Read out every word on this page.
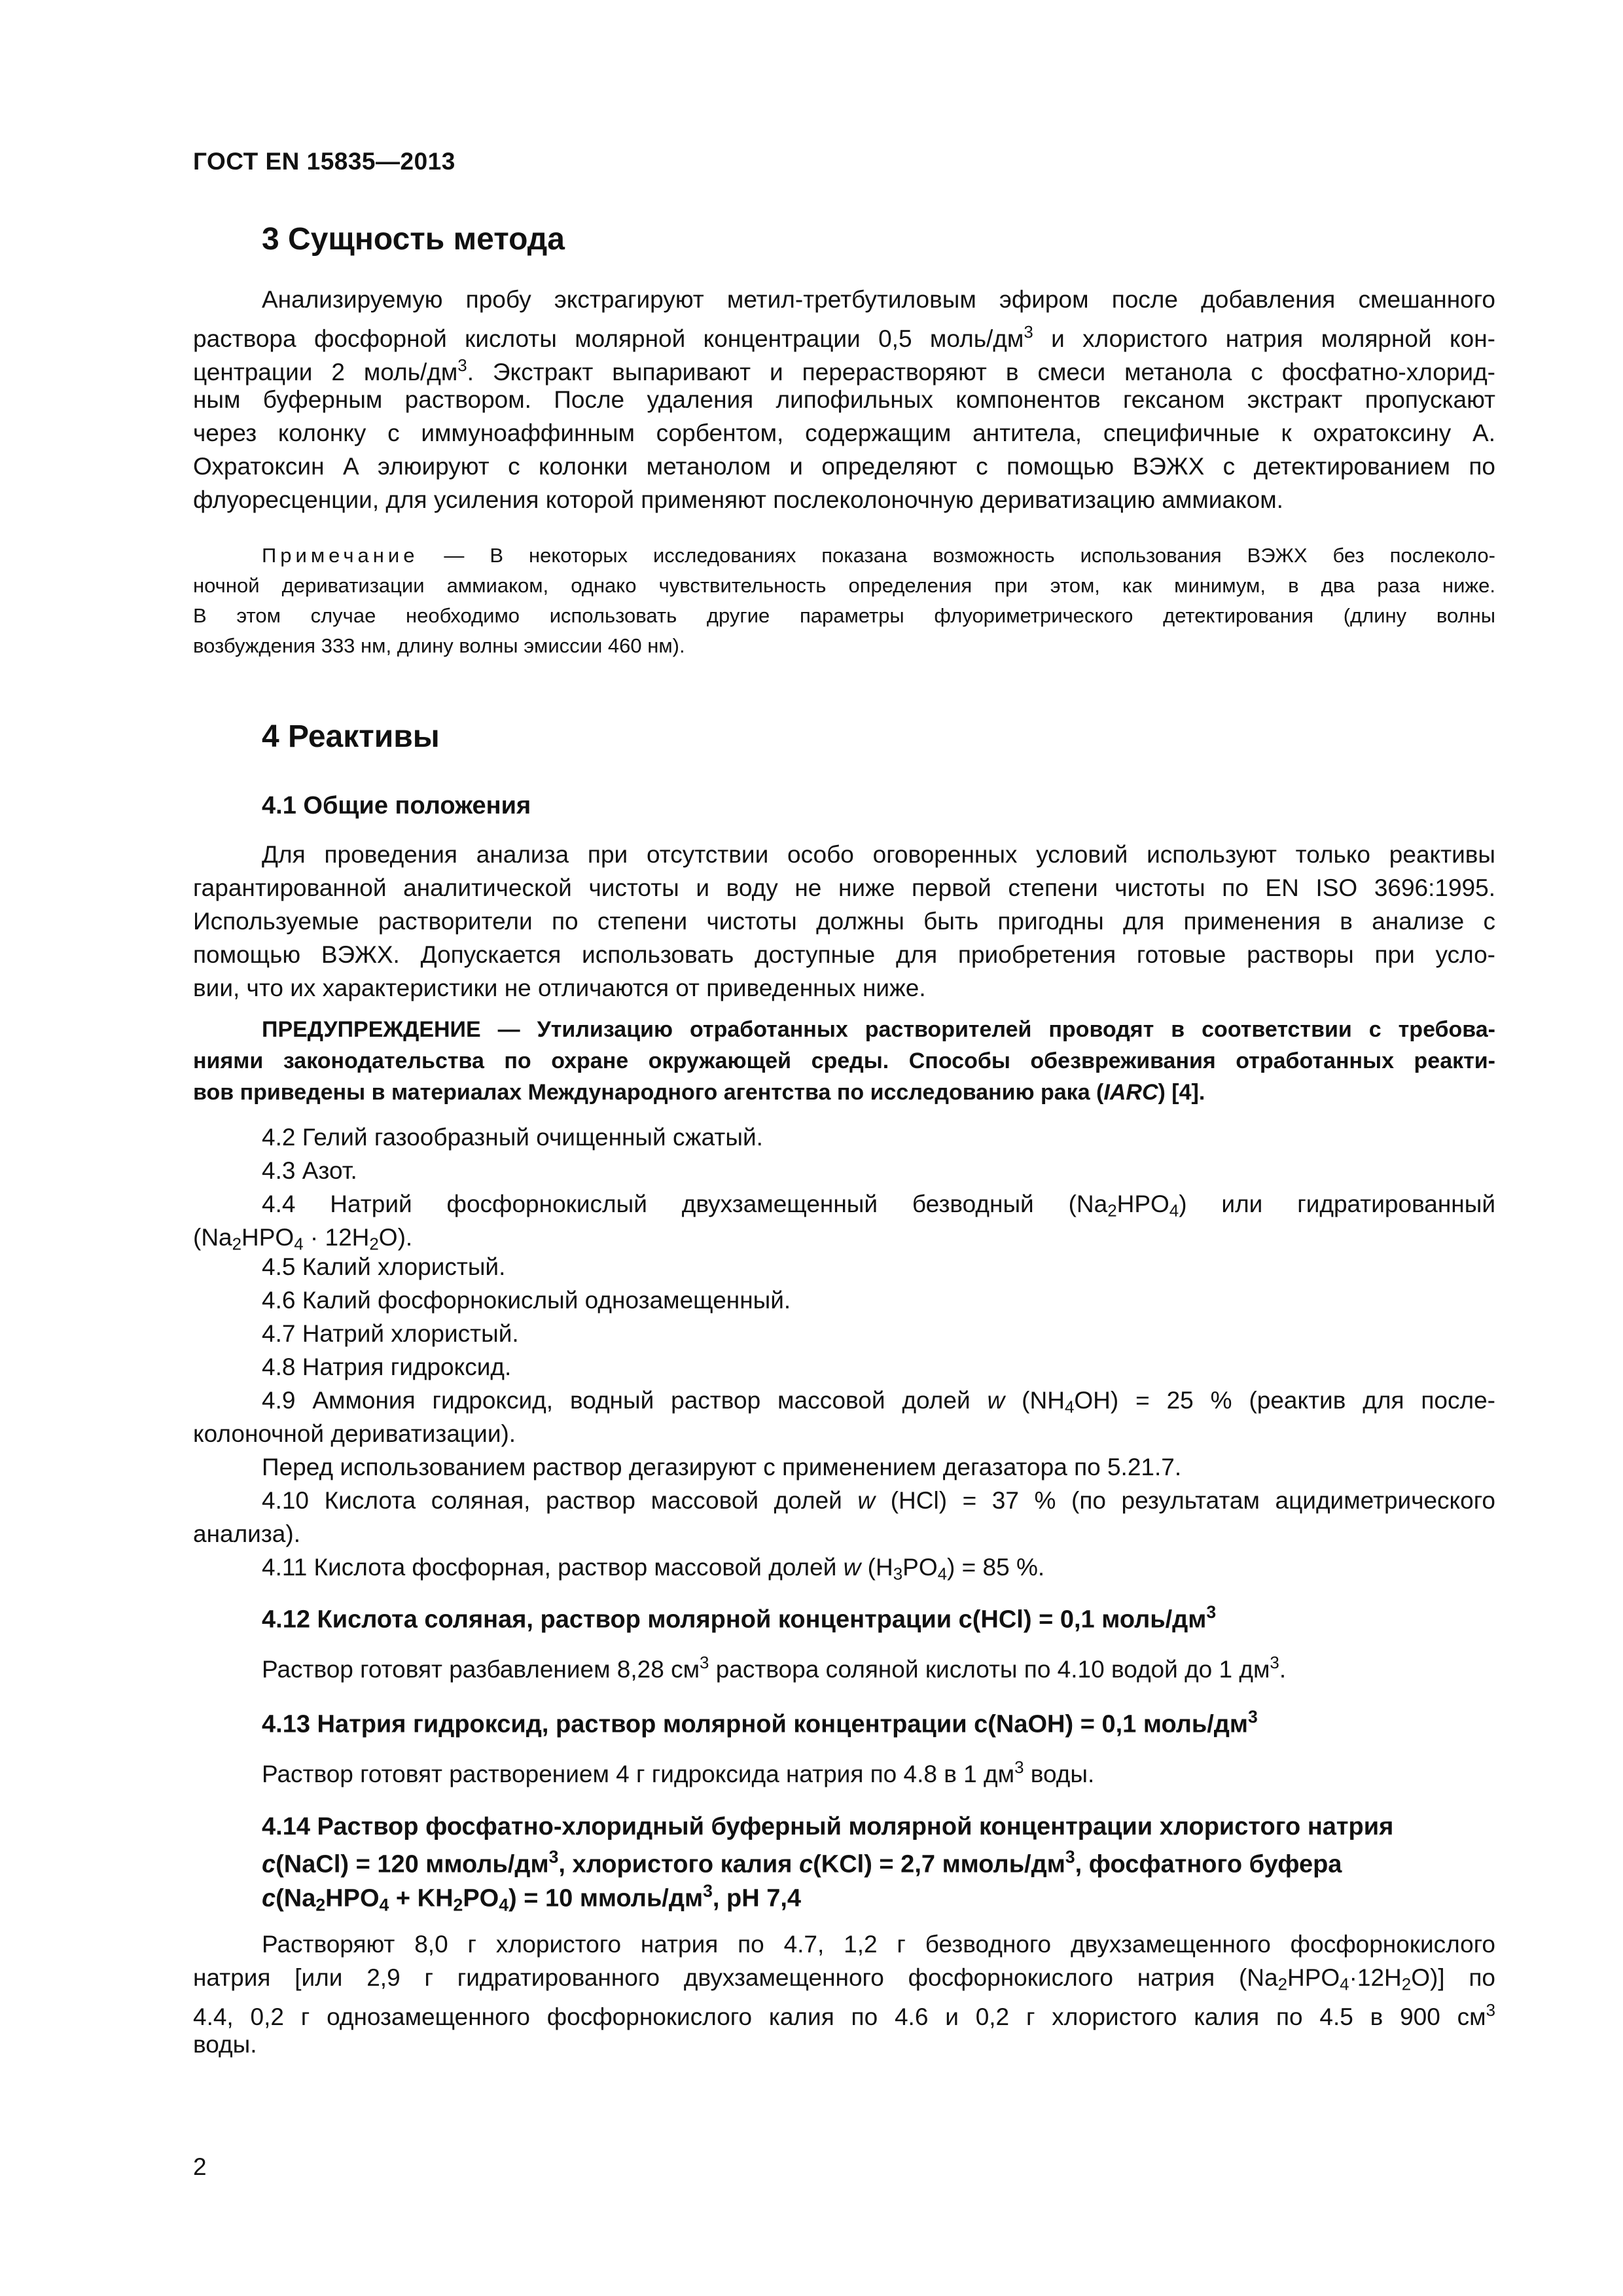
ГОСТ EN 15835—2013
3 Сущность метода
Анализируемую пробу экстрагируют метил-третбутиловым эфиром после добавления смешанного
раствора фосфорной кислоты молярной концентрации 0,5 моль/$дм^3$ и хлористого натрия молярной кон-
центрации 2 моль/$дм^3$. Экстракт выпаривают и перерастворяют в смеси метанола с фосфатно-хлорид-
ным буферным раствором. После удаления липофильных компонентов гексаном экстракт пропускают
через колонку с иммуноаффинным сорбентом, содержащим антитела, специфичные к охратоксину А.
Охратоксин А элюируют с колонки метанолом и определяют с помощью ВЭЖХ с детектированием по
флуоресценции, для усиления которой применяют послеколоночную дериватизацию аммиаком.
Примечание — В некоторых исследованиях показана возможность использования ВЭЖХ без послеколо-
ночной дериватизации аммиаком, однако чувствительность определения при этом, как минимум, в два раза ниже.
В этом случае необходимо использовать другие параметры флуориметрического детектирования (длину волны
возбуждения 333 нм, длину волны эмиссии 460 нм).
4 Реактивы
4.1 Общие положения
Для проведения анализа при отсутствии особо оговоренных условий используют только реактивы
гарантированной аналитической чистоты и воду не ниже первой степени чистоты по EN ISO 3696:1995.
Используемые растворители по степени чистоты должны быть пригодны для применения в анализе с
помощью ВЭЖХ. Допускается использовать доступные для приобретения готовые растворы при усло-
вии, что их характеристики не отличаются от приведенных ниже.
ПРЕДУПРЕЖДЕНИЕ — Утилизацию отработанных растворителей проводят в соответствии с требова-
ниями законодательства по охране окружающей среды. Способы обезвреживания отработанных реакти-
вов приведены в материалах Международного агентства по исследованию рака (IARC) [4].
4.2 Гелий газообразный очищенный сжатый.
4.3 Азот.
4.4 Натрий фосфорнокислый двухзамещенный безводный $(Na_2HPO_4)$ или гидратированный
$(Na_2HPO_4 \cdot 12H_2O)$.
4.5 Калий хлористый.
4.6 Калий фосфорнокислый однозамещенный.
4.7 Натрий хлористый.
4.8 Натрия гидроксид.
4.9 Аммония гидроксид, водный раствор массовой долей w $(NH_4OH) = 25$ % (реактив для после-
колоночной дериватизации).
Перед использованием раствор дегазируют с применением дегазатора по 5.21.7.
4.10 Кислота соляная, раствор массовой долей w (HCl) = 37 % (по результатам ацидиметрического
анализа).
4.11 Кислота фосфорная, раствор массовой долей w $(H_3PO_4) = 85$ %.
4.12 Кислота соляная, раствор молярной концентрации c(HCl) = 0,1 моль/$дм^3$
Раствор готовят разбавлением 8,28 $см^3$ раствора соляной кислоты по 4.10 водой до 1 $дм^3$.
4.13 Натрия гидроксид, раствор молярной концентрации c(NaOH) = 0,1 моль/$дм^3$
Раствор готовят растворением 4 г гидроксида натрия по 4.8 в 1 $дм^3$ воды.
4.14 Раствор фосфатно-хлоридный буферный молярной концентрации хлористого натрия
c(NaCl) = 120 ммоль/$дм^3$, хлористого калия c(KCl) = 2,7 ммоль/$дм^3$, фосфатного буфера
$c(Na_2HPO_4 + KH_2PO_4) = 10$ ммоль/$дм^3$, pH 7,4
Растворяют 8,0 г хлористого натрия по 4.7, 1,2 г безводного двухзамещенного фосфорнокислого
натрия [или 2,9 г гидратированного двухзамещенного фосфорнокислого натрия $(Na_2HPO_4\cdot 12H_2O)$] по
4.4, 0,2 г однозамещенного фосфорнокислого калия по 4.6 и 0,2 г хлористого калия по 4.5 в 900 $см^3$
воды.
2
